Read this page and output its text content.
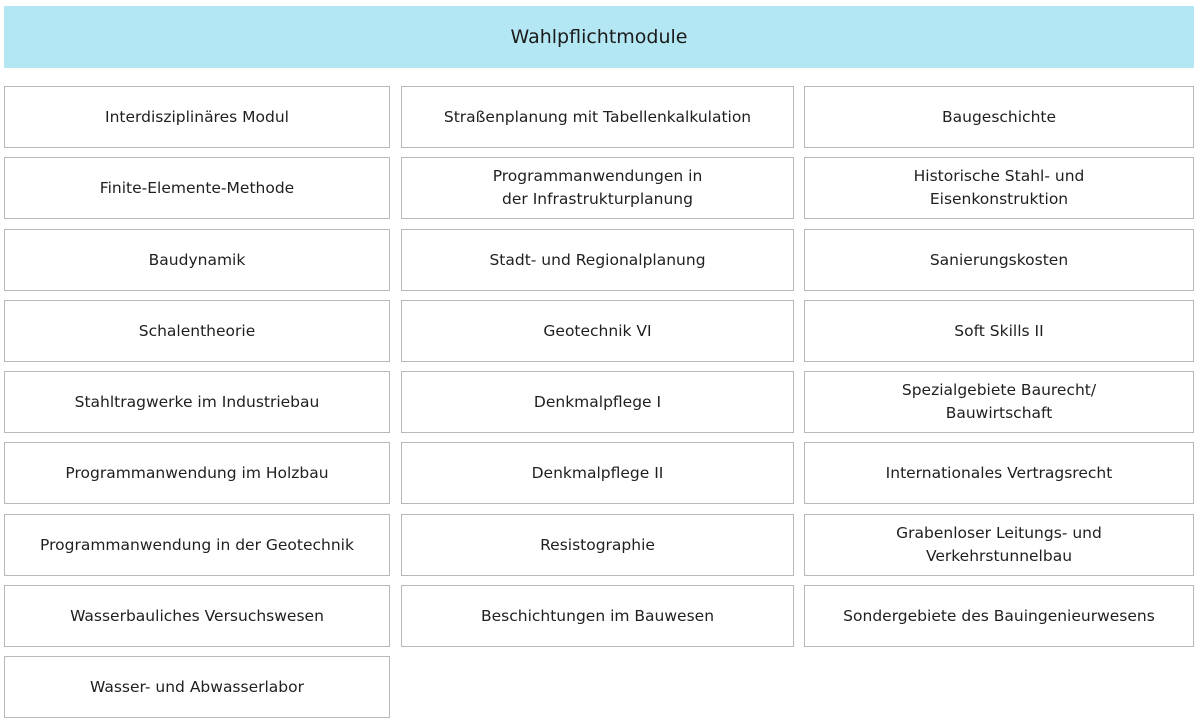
Wahlpflichtmodule
Interdisziplinäres Modul
Finite-Elemente-Methode
Baudynamik
Schalentheorie
Stahltragwerke im Industriebau
Programmanwendung im Holzbau
Programmanwendung in der Geotechnik
Wasserbauliches Versuchswesen
Wasser- und Abwasserlabor
Straßenplanung mit Tabellenkalkulation
Programmanwendungen in
der Infrastrukturplanung
Stadt- und Regionalplanung
Geotechnik VI
Denkmalpflege I
Denkmalpflege II
Resistographie
Beschichtungen im Bauwesen
Baugeschichte
Historische Stahl- und
Eisenkonstruktion
Sanierungskosten
Soft Skills II
Spezialgebiete Baurecht/
Bauwirtschaft
Internationales Vertragsrecht
Grabenloser Leitungs- und
Verkehrstunnelbau
Sondergebiete des Bauingenieurwesens
